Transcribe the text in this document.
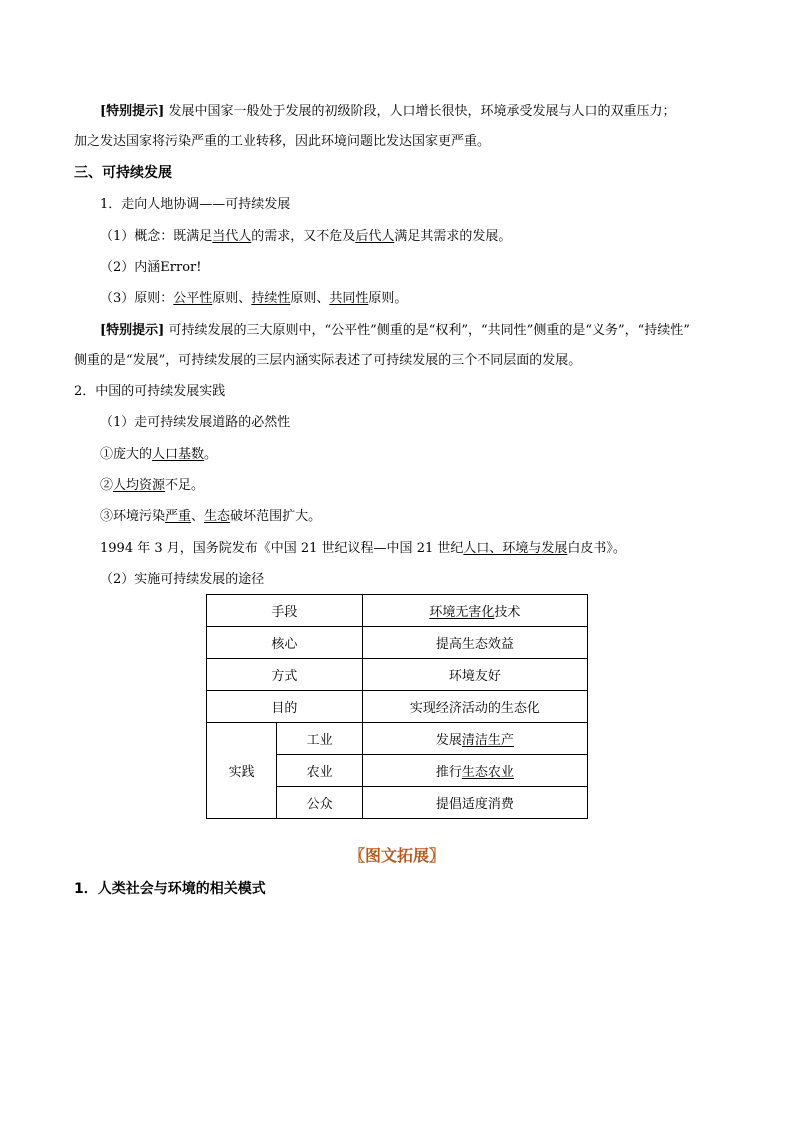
[特别提示] 发展中国家一般处于发展的初级阶段，人口增长很快，环境承受发展与人口的双重压力；
加之发达国家将污染严重的工业转移，因此环境问题比发达国家更严重。
三、可持续发展
1．走向人地协调——可持续发展
（1）概念：既满足当代人的需求，又不危及后代人满足其需求的发展。
（2）内涵Error!
（3）原则：公平性原则、持续性原则、共同性原则。
[特别提示] 可持续发展的三大原则中，“公平性”侧重的是“权利”，“共同性”侧重的是“义务”，“持续性”
侧重的是“发展”，可持续发展的三层内涵实际表述了可持续发展的三个不同层面的发展。
2．中国的可持续发展实践
（1）走可持续发展道路的必然性
①庞大的人口基数。
②人均资源不足。
③环境污染严重、生态破坏范围扩大。
1994 年 3 月，国务院发布《中国 21 世纪议程—中国 21 世纪人口、环境与发展白皮书》。
（2）实施可持续发展的途径
手段		环境无害化技术
核心		提高生态效益
方式		环境友好
目的		实现经济活动的生态化
实践	工业	发展清洁生产
	农业	推行生态农业
	公众	提倡适度消费
〖图文拓展〗
1．人类社会与环境的相关模式
